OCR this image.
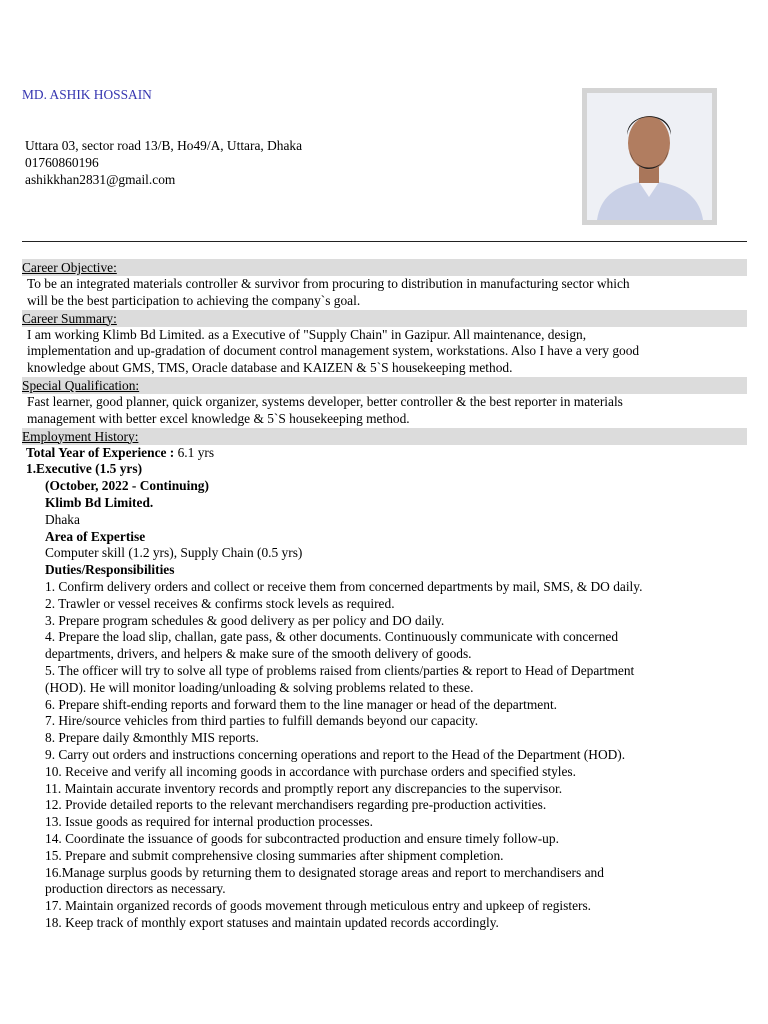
MD. ASHIK HOSSAIN
Uttara 03, sector road 13/B, Ho49/A, Uttara, Dhaka
01760860196
ashikkhan2831@gmail.com
Career Objective:
To be an integrated materials controller & survivor from procuring to distribution in manufacturing sector which
will be the best participation to achieving the company`s goal.
Career Summary:
I am working Klimb Bd Limited. as a Executive of "Supply Chain" in Gazipur. All maintenance, design,
implementation and up-gradation of document control management system, workstations. Also I have a very good
knowledge about GMS, TMS, Oracle database and KAIZEN & 5`S housekeeping method.
Special Qualification:
Fast learner, good planner, quick organizer, systems developer, better controller & the best reporter in materials
management with better excel knowledge & 5`S housekeeping method.
Employment History:
Total Year of Experience : 6.1 yrs
1.Executive (1.5 yrs)
(October, 2022 - Continuing)
Klimb Bd Limited.
Dhaka
Area of Expertise
Computer skill (1.2 yrs), Supply Chain (0.5 yrs)
Duties/Responsibilities
1. Confirm delivery orders and collect or receive them from concerned departments by mail, SMS, & DO daily.
2. Trawler or vessel receives & confirms stock levels as required.
3. Prepare program schedules & good delivery as per policy and DO daily.
4. Prepare the load slip, challan, gate pass, & other documents. Continuously communicate with concerned
departments, drivers, and helpers & make sure of the smooth delivery of goods.
5. The officer will try to solve all type of problems raised from clients/parties & report to Head of Department
(HOD). He will monitor loading/unloading & solving problems related to these.
6. Prepare shift-ending reports and forward them to the line manager or head of the department.
7. Hire/source vehicles from third parties to fulfill demands beyond our capacity.
8. Prepare daily &monthly MIS reports.
9. Carry out orders and instructions concerning operations and report to the Head of the Department (HOD).
10. Receive and verify all incoming goods in accordance with purchase orders and specified styles.
11. Maintain accurate inventory records and promptly report any discrepancies to the supervisor.
12. Provide detailed reports to the relevant merchandisers regarding pre-production activities.
13. Issue goods as required for internal production processes.
14. Coordinate the issuance of goods for subcontracted production and ensure timely follow-up.
15. Prepare and submit comprehensive closing summaries after shipment completion.
16.Manage surplus goods by returning them to designated storage areas and report to merchandisers and
production directors as necessary.
17. Maintain organized records of goods movement through meticulous entry and upkeep of registers.
18. Keep track of monthly export statuses and maintain updated records accordingly.
